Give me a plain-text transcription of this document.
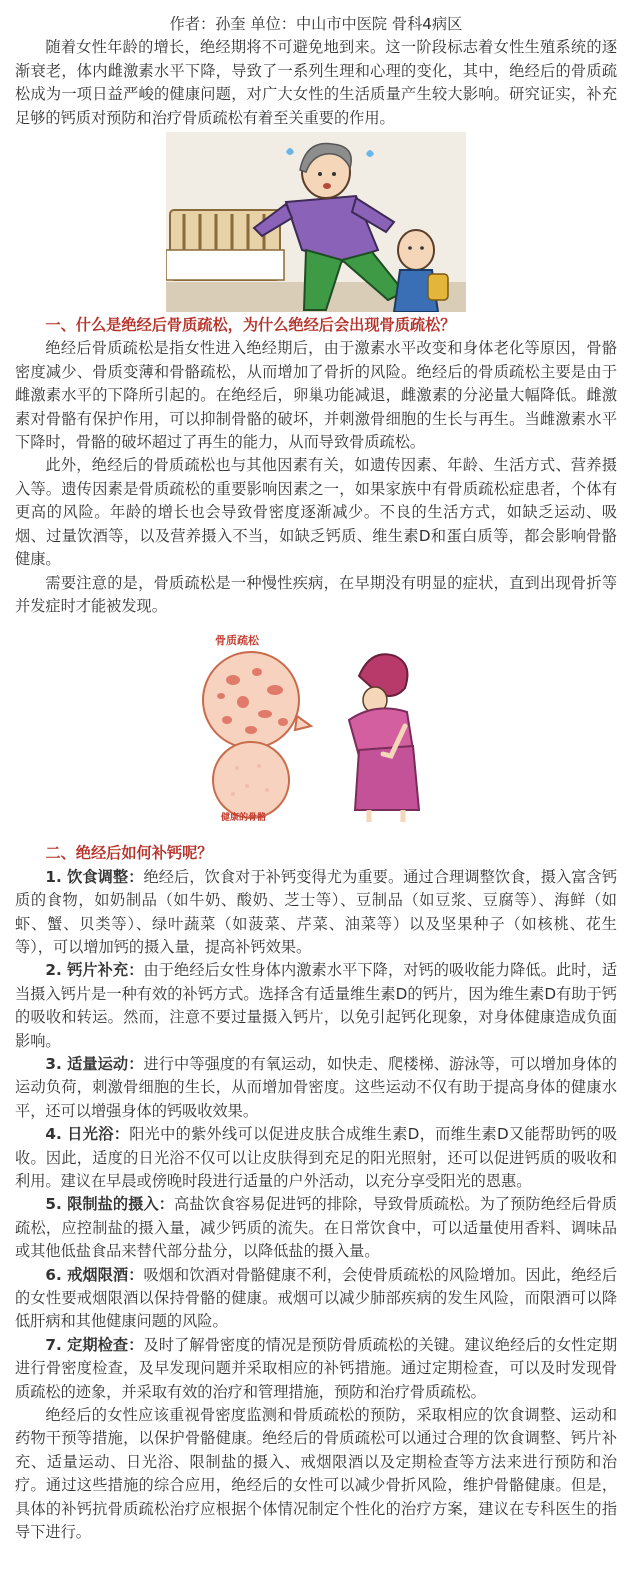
作者：孙奎 单位：中山市中医院 骨科4病区

随着女性年龄的增长，绝经期将不可避免地到来。这一阶段标志着女性生殖系统的逐渐衰老，体内雌激素水平下降，导致了一系列生理和心理的变化，其中，绝经后的骨质疏松成为一项日益严峻的健康问题，对广大女性的生活质量产生较大影响。研究证实，补充足够的钙质对预防和治疗骨质疏松有着至关重要的作用。

一、什么是绝经后骨质疏松，为什么绝经后会出现骨质疏松？

绝经后骨质疏松是指女性进入绝经期后，由于激素水平改变和身体老化等原因，骨骼密度减少、骨质变薄和骨骼疏松，从而增加了骨折的风险。绝经后的骨质疏松主要是由于雌激素水平的下降所引起的。在绝经后，卵巢功能减退，雌激素的分泌量大幅降低。雌激素对骨骼有保护作用，可以抑制骨骼的破坏，并刺激骨细胞的生长与再生。当雌激素水平下降时，骨骼的破坏超过了再生的能力，从而导致骨质疏松。

此外，绝经后的骨质疏松也与其他因素有关，如遗传因素、年龄、生活方式、营养摄入等。遗传因素是骨质疏松的重要影响因素之一，如果家族中有骨质疏松症患者，个体有更高的风险。年龄的增长也会导致骨密度逐渐减少。不良的生活方式，如缺乏运动、吸烟、过量饮酒等，以及营养摄入不当，如缺乏钙质、维生素D和蛋白质等，都会影响骨骼健康。

需要注意的是，骨质疏松是一种慢性疾病，在早期没有明显的症状，直到出现骨折等并发症时才能被发现。

骨质疏松
健康的骨骼
二、绝经后如何补钙呢？

1. 饮食调整：绝经后，饮食对于补钙变得尤为重要。通过合理调整饮食，摄入富含钙质的食物，如奶制品（如牛奶、酸奶、芝士等）、豆制品（如豆浆、豆腐等）、海鲜（如虾、蟹、贝类等）、绿叶蔬菜（如菠菜、芹菜、油菜等）以及坚果种子（如核桃、花生等），可以增加钙的摄入量，提高补钙效果。

2. 钙片补充：由于绝经后女性身体内激素水平下降，对钙的吸收能力降低。此时，适当摄入钙片是一种有效的补钙方式。选择含有适量维生素D的钙片，因为维生素D有助于钙的吸收和转运。然而，注意不要过量摄入钙片，以免引起钙化现象，对身体健康造成负面影响。

3. 适量运动：进行中等强度的有氧运动，如快走、爬楼梯、游泳等，可以增加身体的运动负荷，刺激骨细胞的生长，从而增加骨密度。这些运动不仅有助于提高身体的健康水平，还可以增强身体的钙吸收效果。

4. 日光浴：阳光中的紫外线可以促进皮肤合成维生素D，而维生素D又能帮助钙的吸收。因此，适度的日光浴不仅可以让皮肤得到充足的阳光照射，还可以促进钙质的吸收和利用。建议在早晨或傍晚时段进行适量的户外活动，以充分享受阳光的恩惠。

5. 限制盐的摄入：高盐饮食容易促进钙的排除，导致骨质疏松。为了预防绝经后骨质疏松，应控制盐的摄入量，减少钙质的流失。在日常饮食中，可以适量使用香料、调味品或其他低盐食品来替代部分盐分，以降低盐的摄入量。

6. 戒烟限酒：吸烟和饮酒对骨骼健康不利，会使骨质疏松的风险增加。因此，绝经后的女性要戒烟限酒以保持骨骼的健康。戒烟可以减少肺部疾病的发生风险，而限酒可以降低肝病和其他健康问题的风险。

7. 定期检查：及时了解骨密度的情况是预防骨质疏松的关键。建议绝经后的女性定期进行骨密度检查，及早发现问题并采取相应的补钙措施。通过定期检查，可以及时发现骨质疏松的迹象，并采取有效的治疗和管理措施，预防和治疗骨质疏松。

绝经后的女性应该重视骨密度监测和骨质疏松的预防，采取相应的饮食调整、运动和药物干预等措施，以保护骨骼健康。绝经后的骨质疏松可以通过合理的饮食调整、钙片补充、适量运动、日光浴、限制盐的摄入、戒烟限酒以及定期检查等方法来进行预防和治疗。通过这些措施的综合应用，绝经后的女性可以减少骨折风险，维护骨骼健康。但是，具体的补钙抗骨质疏松治疗应根据个体情况制定个性化的治疗方案，建议在专科医生的指导下进行。
